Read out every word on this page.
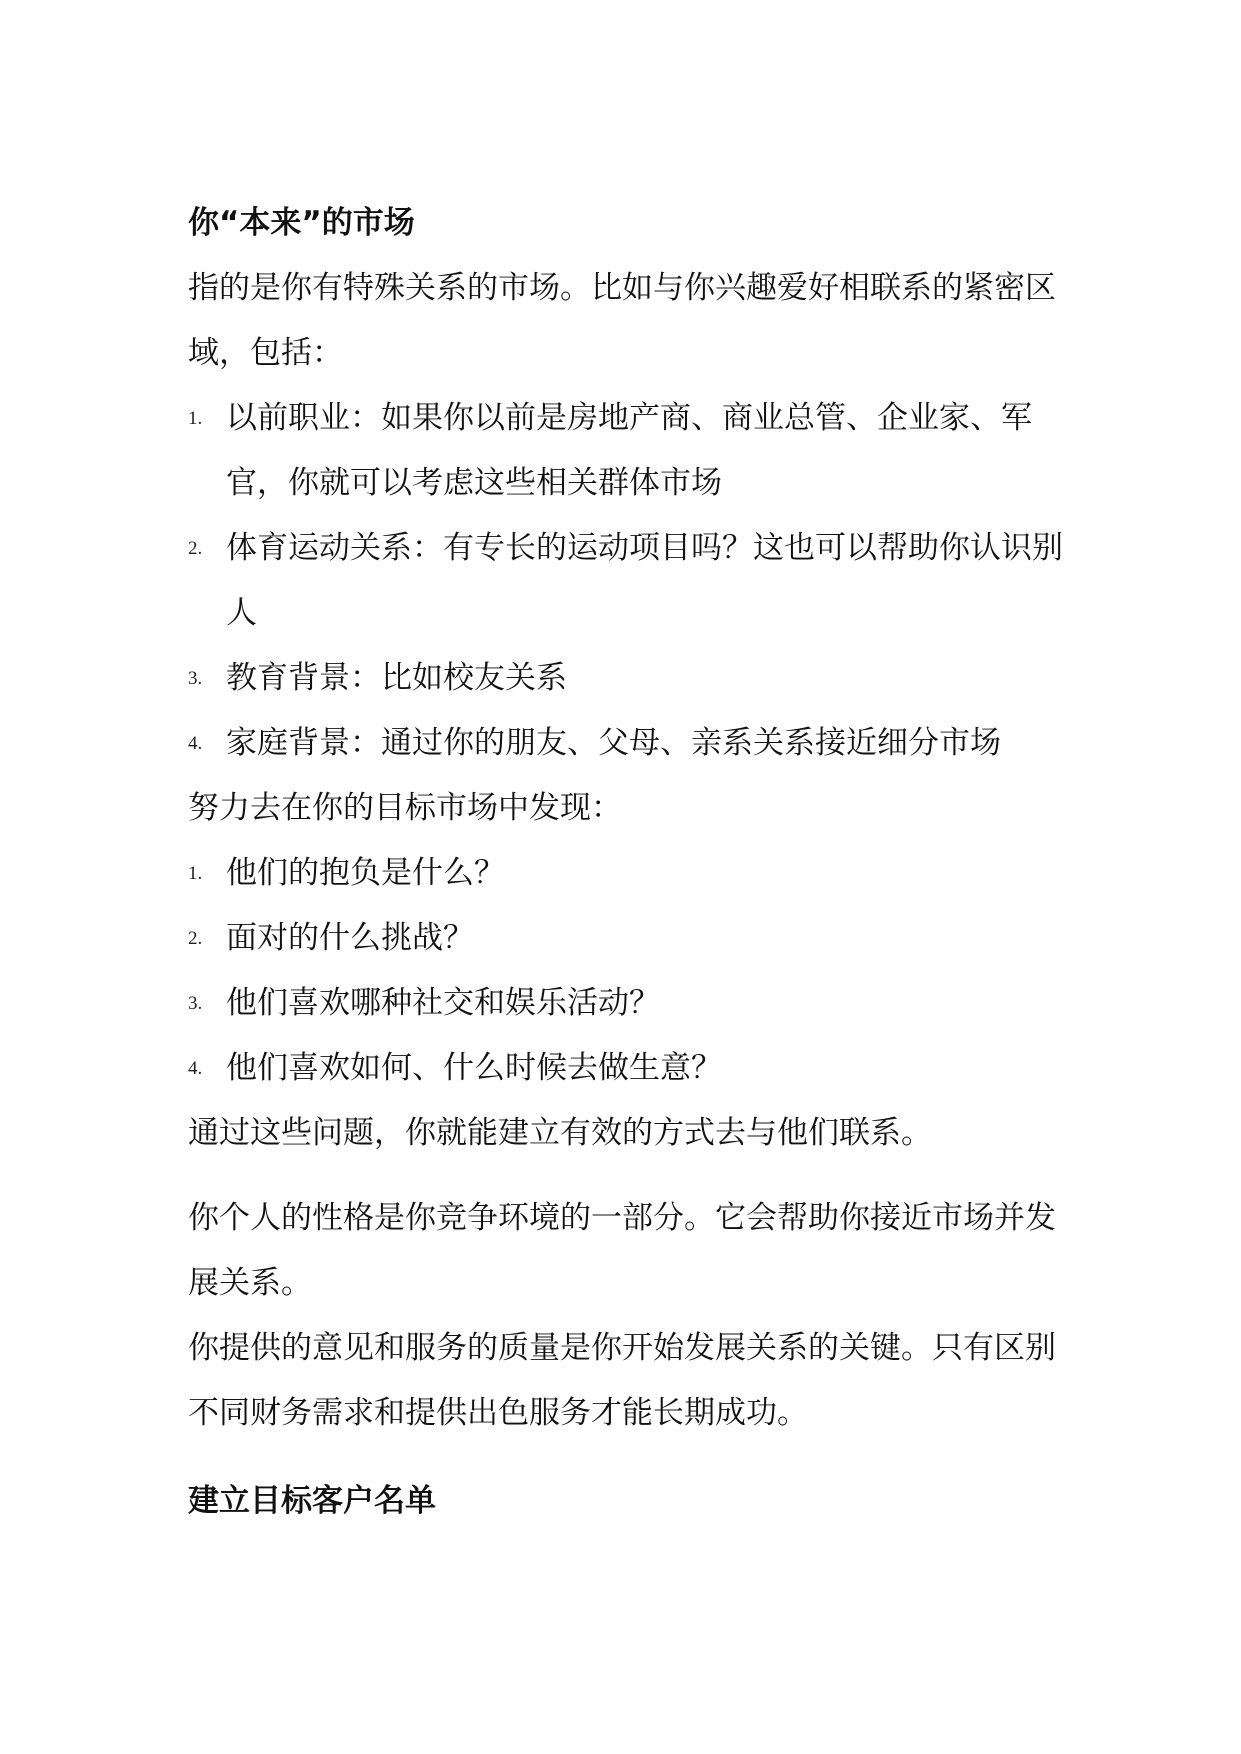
你“本来”的市场

指的是你有特殊关系的市场。比如与你兴趣爱好相联系的紧密区域，包括：

1. 以前职业：如果你以前是房地产商、商业总管、企业家、军官，你就可以考虑这些相关群体市场
2. 体育运动关系：有专长的运动项目吗？这也可以帮助你认识别人
3. 教育背景：比如校友关系
4. 家庭背景：通过你的朋友、父母、亲系关系接近细分市场

努力去在你的目标市场中发现：

1. 他们的抱负是什么？
2. 面对的什么挑战？
3. 他们喜欢哪种社交和娱乐活动？
4. 他们喜欢如何、什么时候去做生意？

通过这些问题，你就能建立有效的方式去与他们联系。

你个人的性格是你竞争环境的一部分。它会帮助你接近市场并发展关系。

你提供的意见和服务的质量是你开始发展关系的关键。只有区别不同财务需求和提供出色服务才能长期成功。

建立目标客户名单
